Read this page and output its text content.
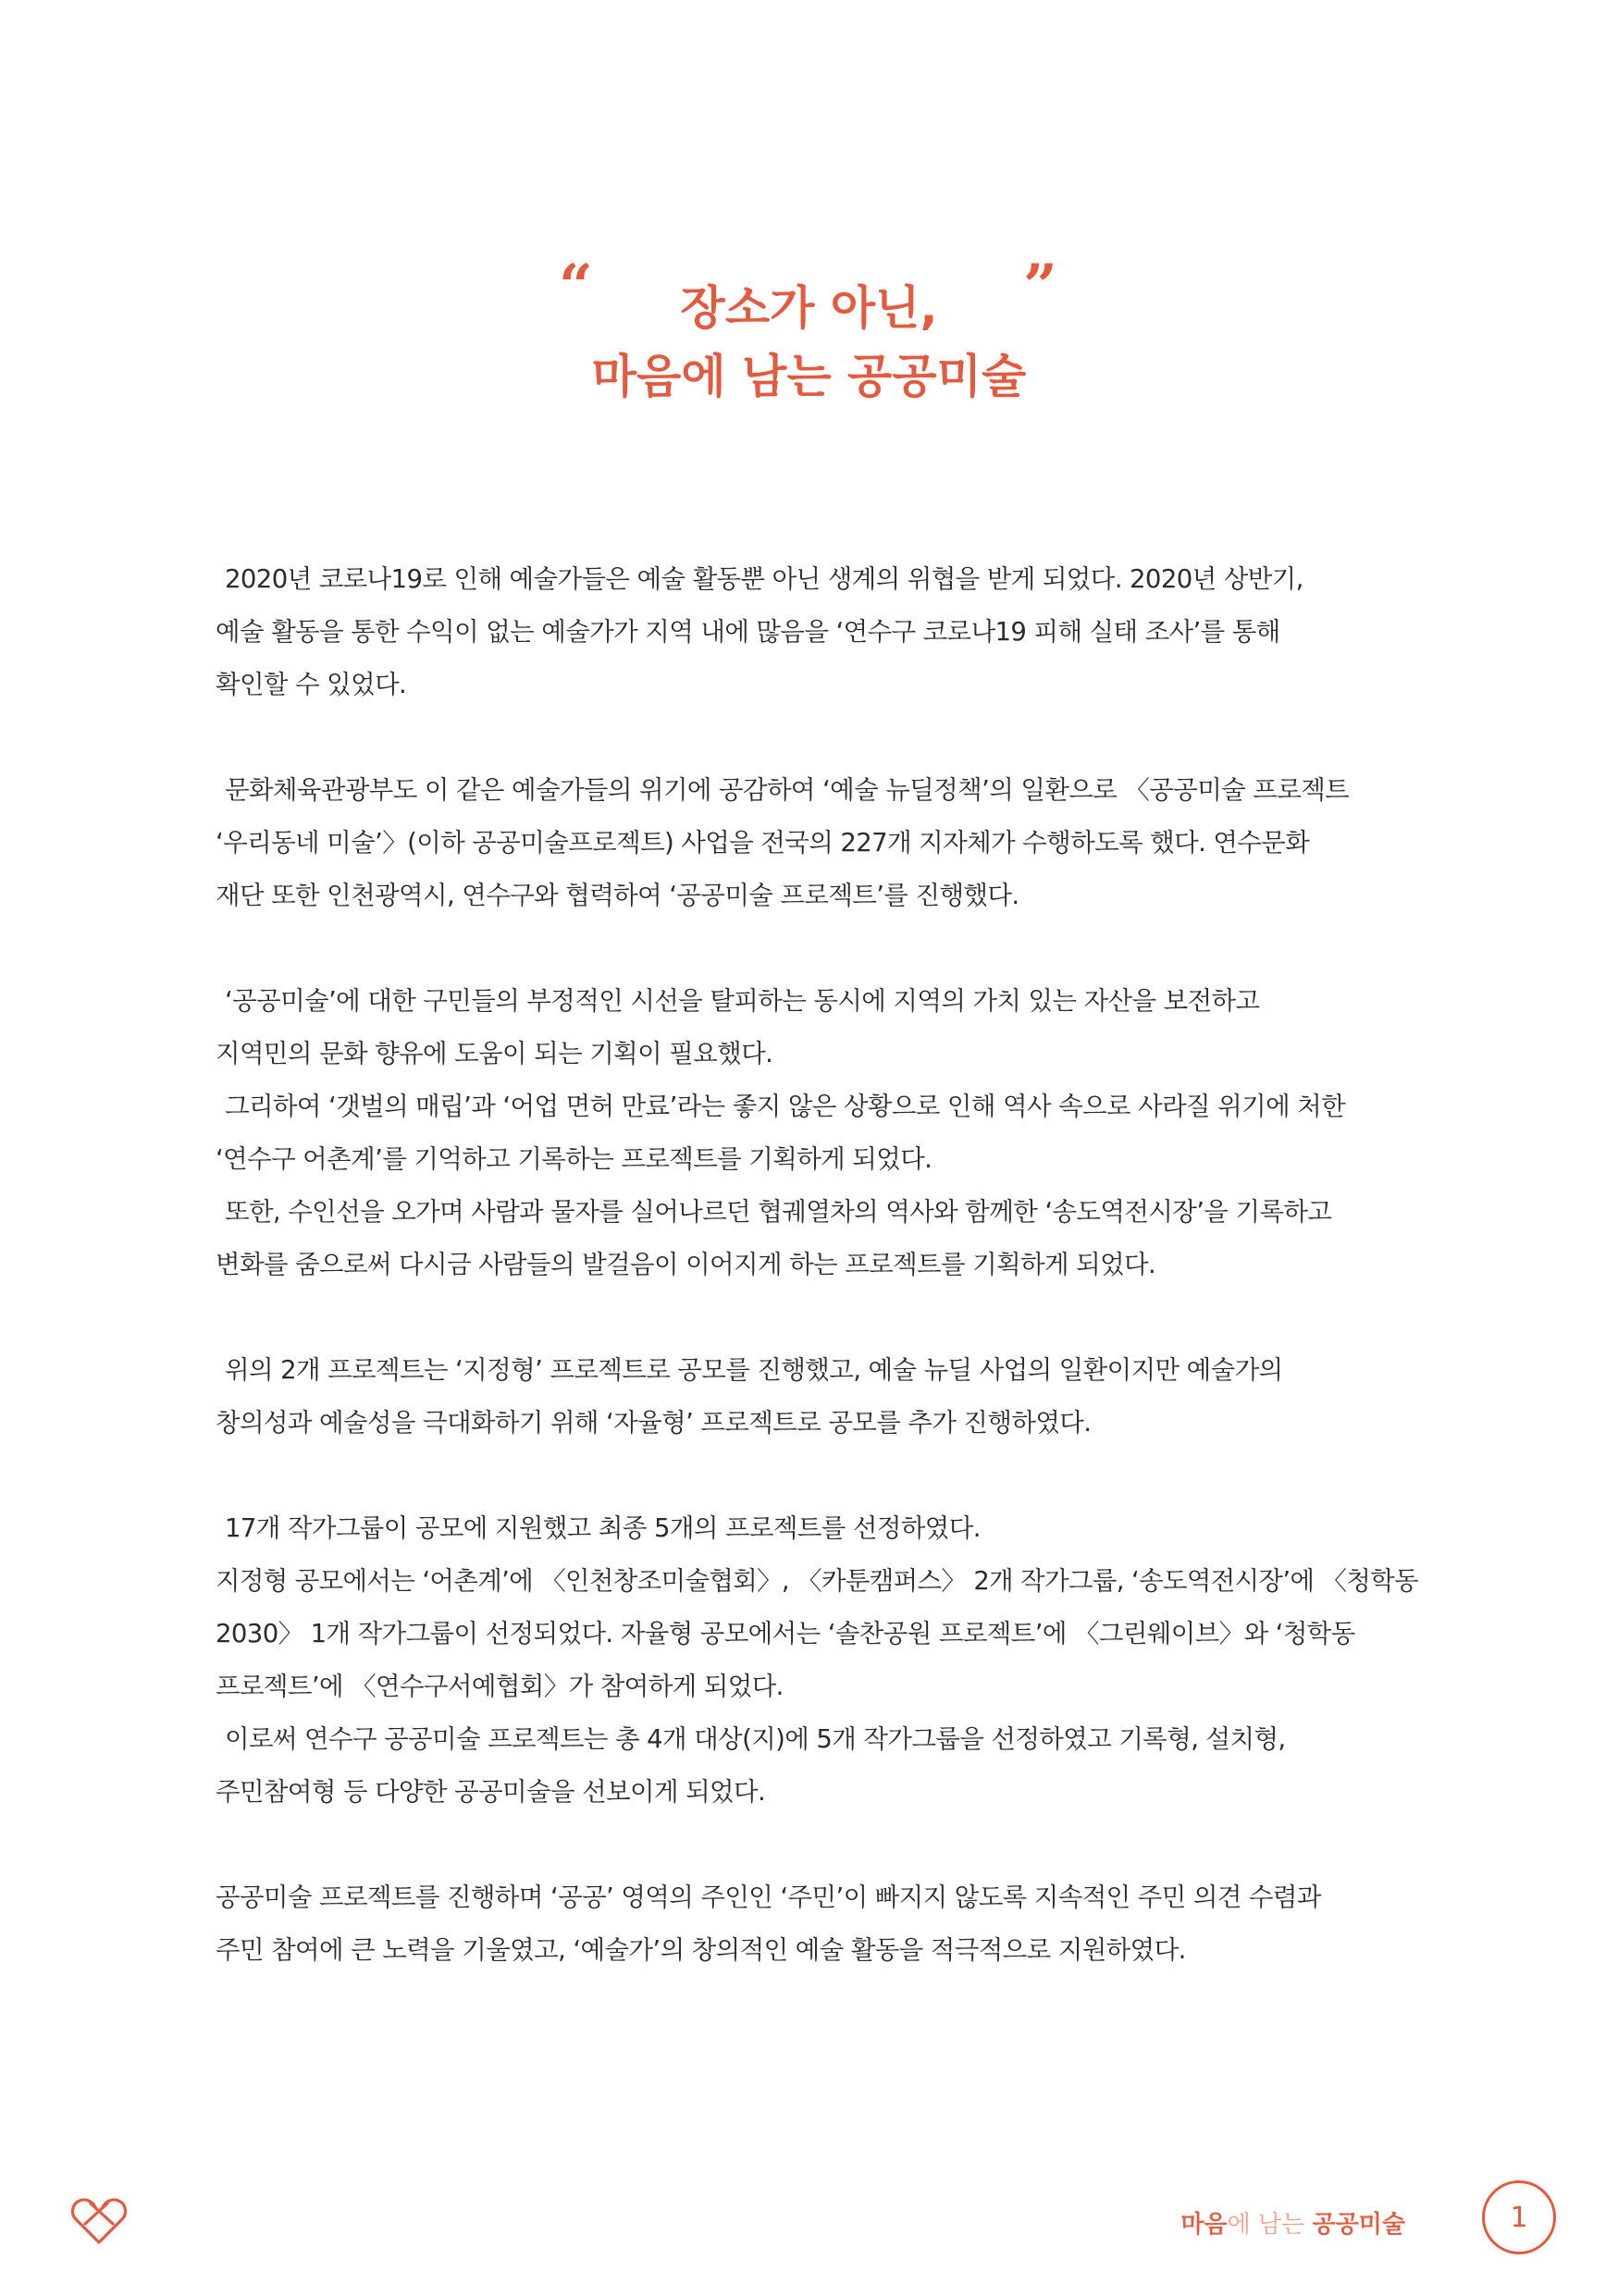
“	”
장소가 아닌,
마음에 남는 공공미술
2020년 코로나19로 인해 예술가들은 예술 활동뿐 아닌 생계의 위협을 받게 되었다. 2020년 상반기,
예술 활동을 통한 수익이 없는 예술가가 지역 내에 많음을 ‘연수구 코로나19 피해 실태 조사’를 통해
확인할 수 있었다.
문화체육관광부도 이 같은 예술가들의 위기에 공감하여 ‘예술 뉴딜정책’의 일환으로 〈공공미술 프로젝트
‘우리동네 미술’〉(이하 공공미술프로젝트) 사업을 전국의 227개 지자체가 수행하도록 했다. 연수문화
재단 또한 인천광역시, 연수구와 협력하여 ‘공공미술 프로젝트’를 진행했다.
‘공공미술’에 대한 구민들의 부정적인 시선을 탈피하는 동시에 지역의 가치 있는 자산을 보전하고
지역민의 문화 향유에 도움이 되는 기획이 필요했다.
그리하여 ‘갯벌의 매립’과 ‘어업 면허 만료’라는 좋지 않은 상황으로 인해 역사 속으로 사라질 위기에 처한
‘연수구 어촌계’를 기억하고 기록하는 프로젝트를 기획하게 되었다.
또한, 수인선을 오가며 사람과 물자를 실어나르던 협궤열차의 역사와 함께한 ‘송도역전시장’을 기록하고
변화를 줌으로써 다시금 사람들의 발걸음이 이어지게 하는 프로젝트를 기획하게 되었다.
위의 2개 프로젝트는 ‘지정형’ 프로젝트로 공모를 진행했고, 예술 뉴딜 사업의 일환이지만 예술가의
창의성과 예술성을 극대화하기 위해 ‘자율형’ 프로젝트로 공모를 추가 진행하였다.
17개 작가그룹이 공모에 지원했고 최종 5개의 프로젝트를 선정하였다.
지정형 공모에서는 ‘어촌계’에 〈인천창조미술협회〉, 〈카툰캠퍼스〉 2개 작가그룹, ‘송도역전시장’에 〈청학동
2030〉 1개 작가그룹이 선정되었다. 자율형 공모에서는 ‘솔찬공원 프로젝트’에 〈그린웨이브〉와 ‘청학동
프로젝트’에 〈연수구서예협회〉가 참여하게 되었다.
이로써 연수구 공공미술 프로젝트는 총 4개 대상(지)에 5개 작가그룹을 선정하였고 기록형, 설치형,
주민참여형 등 다양한 공공미술을 선보이게 되었다.
공공미술 프로젝트를 진행하며 ‘공공’ 영역의 주인인 ‘주민’이 빠지지 않도록 지속적인 주민 의견 수렴과
주민 참여에 큰 노력을 기울였고, ‘예술가’의 창의적인 예술 활동을 적극적으로 지원하였다.
마음에 남는 공공미술	1
